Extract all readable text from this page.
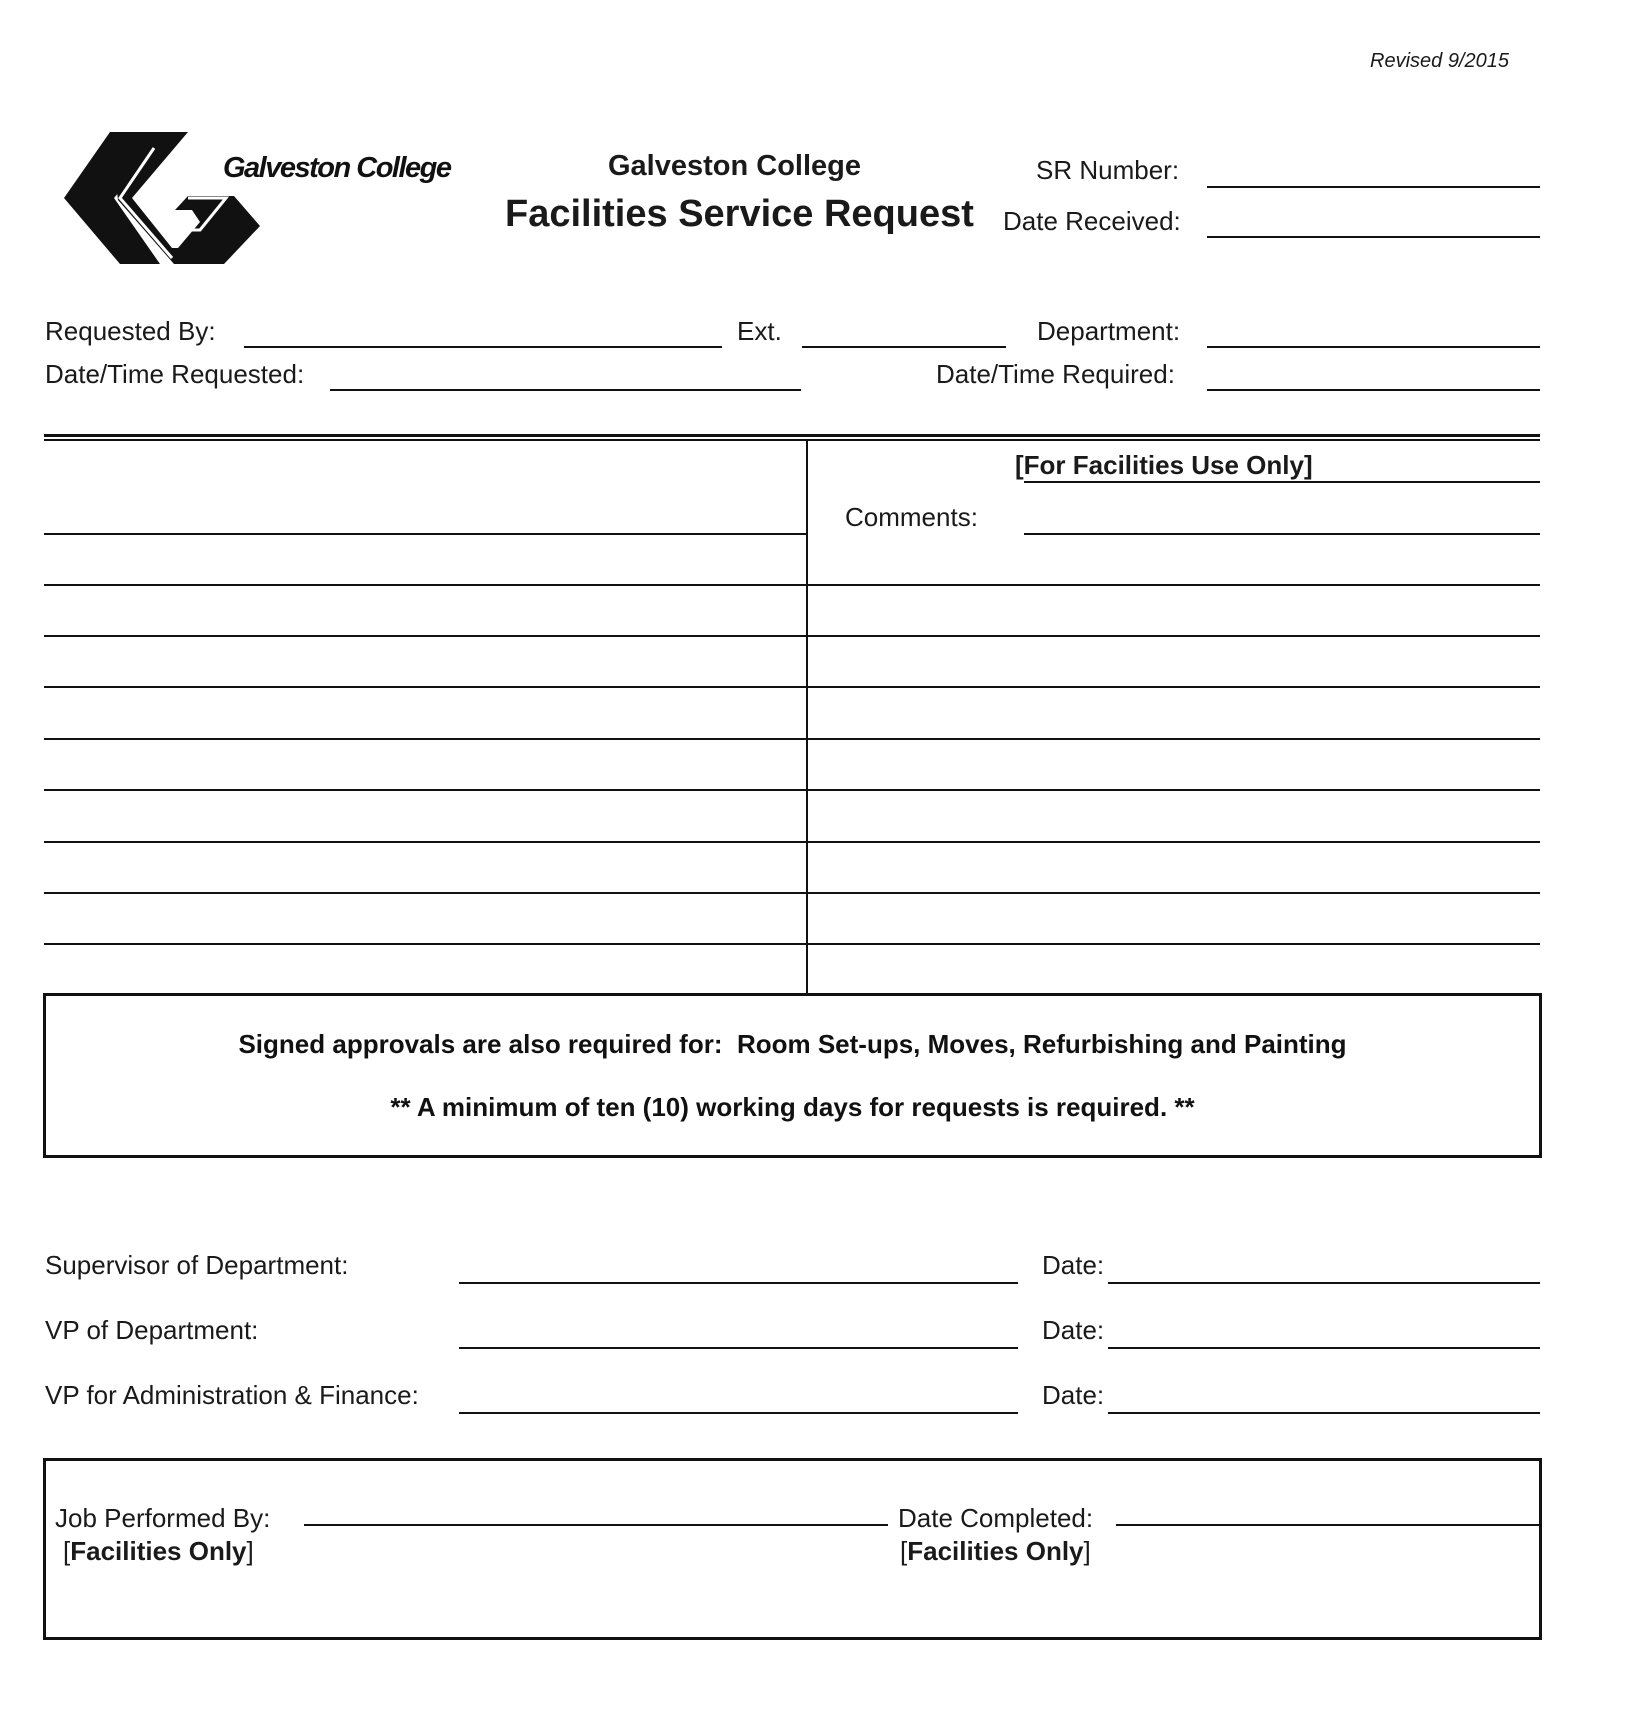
Revised 9/2015
Galveston College	Galveston College
Facilities Service Request
SR Number:
Date Received:
Requested By:	Ext.	Department:
Date/Time Requested:	Date/Time Required:
[For Facilities Use Only]
Comments:
Signed approvals are also required for:  Room Set-ups, Moves, Refurbishing and Painting
** A minimum of ten (10) working days for requests is required. **
Supervisor of Department:	Date:
VP of Department:	Date:
VP for Administration & Finance:	Date:
Job Performed By:
[Facilities Only]
Date Completed:
[Facilities Only]
